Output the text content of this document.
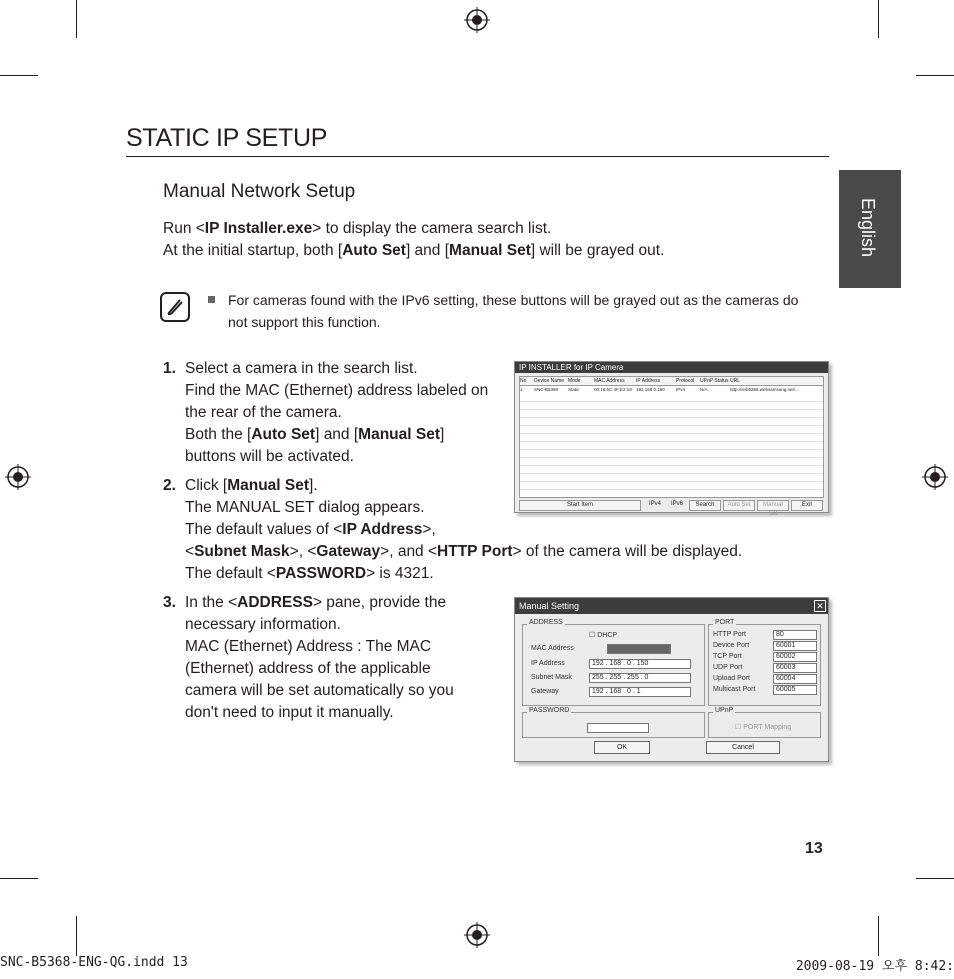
STATIC IP SETUP
English
Manual Network Setup
Run <IP Installer.exe> to display the camera search list.
At the initial startup, both [Auto Set] and [Manual Set] will be grayed out.
For cameras found with the IPv6 setting, these buttons will be grayed out as the cameras do not support this function.
1. Select a camera in the search list.
Find the MAC (Ethernet) address labeled on
the rear of the camera.
Both the [Auto Set] and [Manual Set]
buttons will be activated.
2. Click [Manual Set].
The MANUAL SET dialog appears.
The default values of <IP Address>,
<Subnet Mask>, <Gateway>, and <HTTP Port> of the camera will be displayed.
The default <PASSWORD> is 4321.
3. In the <ADDRESS> pane, provide the
necessary information.
MAC (Ethernet) Address : The MAC
(Ethernet) address of the applicable
camera will be set automatically so you
don't need to input it manually.
IP INSTALLER for IP Camera
No	Device Name Mode	MAC Address	IP Address	Protocol	UPnP Status URL
1	SNC-B5368	Static	00:16:6C:4F:E2:18 192.168.0.150	IPv4	N/A	http://snb5368.websamsung.net/...
Start Item	IPv4	IPv6	Search	Auto Set	Manual Set
Exit
Manual Setting	✕
ADDRESS
☐ DHCP
MAC Address
IP Address	192 . 168 . 0 . 150
Subnet Mask	255 . 255 . 255 . 0
Gateway	192 . 168 . 0 . 1
PORT
HTTP Port	80
Device Port	60001
TCP Port	60002
UDP Port	60003
Upload Port	60004
Multicast Port	60005
PASSWORD	UPnP
☐ PORT Mapping
OK	Cancel
13
SNC-B5368-ENG-QG.indd 13	2009-08-19 오후 8:42:
